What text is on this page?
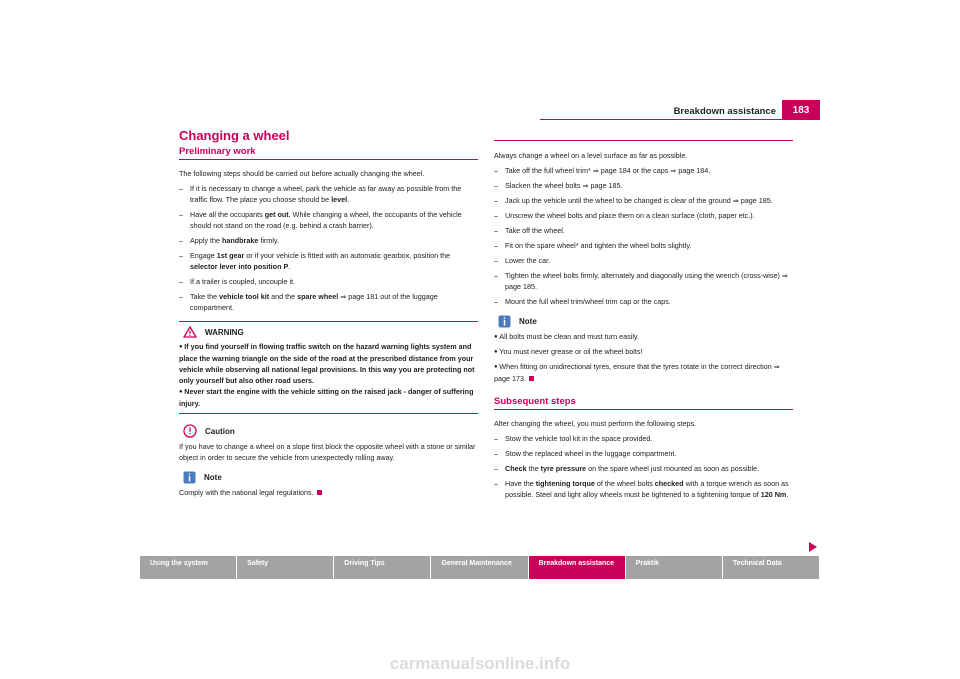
Breakdown assistance	183
Changing a wheel
Preliminary work

The following steps should be carried out before actually changing the wheel.

– If it is necessary to change a wheel, park the vehicle as far away as possible from the traffic flow. The place you choose should be level.
– Have all the occupants get out. While changing a wheel, the occupants of the vehicle should not stand on the road (e.g. behind a crash barrier).
– Apply the handbrake firmly.
– Engage 1st gear or if your vehicle is fitted with an automatic gearbox, position the selector lever into position P.
– If a trailer is coupled, uncouple it.
– Take the vehicle tool kit and the spare wheel ⇒ page 181 out of the luggage compartment.
WARNING

● If you find yourself in flowing traffic switch on the hazard warning lights system and place the warning triangle on the side of the road at the prescribed distance from your vehicle while observing all national legal provisions. In this way you are protecting not only yourself but also other road users.

● Never start the engine with the vehicle sitting on the raised jack - danger of suffering injury.

Caution

If you have to change a wheel on a slope first block the opposite wheel with a stone or similar object in order to secure the vehicle from unexpectedly rolling away.

Note

Comply with the national legal regulations.

Always change a wheel on a level surface as far as possible.

– Take off the full wheel trim* ⇒ page 184 or the caps ⇒ page 184.
– Slacken the wheel bolts ⇒ page 185.
– Jack up the vehicle until the wheel to be changed is clear of the ground ⇒ page 185.
– Unscrew the wheel bolts and place them on a clean surface (cloth, paper etc.).
– Take off the wheel.
– Fit on the spare wheel* and tighten the wheel bolts slightly.
– Lower the car.
– Tighten the wheel bolts firmly, alternately and diagonally using the wrench (cross-wise) ⇒ page 185.
– Mount the full wheel trim/wheel trim cap or the caps.
Note

● All bolts must be clean and must turn easily.

● You must never grease or oil the wheel bolts!

● When fitting on unidirectional tyres, ensure that the tyres rotate in the correct direction ⇒ page 173.

Subsequent steps

After changing the wheel, you must perform the following steps.

– Stow the vehicle tool kit in the space provided.
– Stow the replaced wheel in the luggage compartment.
– Check the tyre pressure on the spare wheel just mounted as soon as possible.
– Have the tightening torque of the wheel bolts checked with a torque wrench as soon as possible. Steel and light alloy wheels must be tightened to a tightening torque of 120 Nm.
Using the system	Safety	Driving Tips	General Maintenance	Breakdown assistance	Praktik	Technical Data
carmanualsonline.info
